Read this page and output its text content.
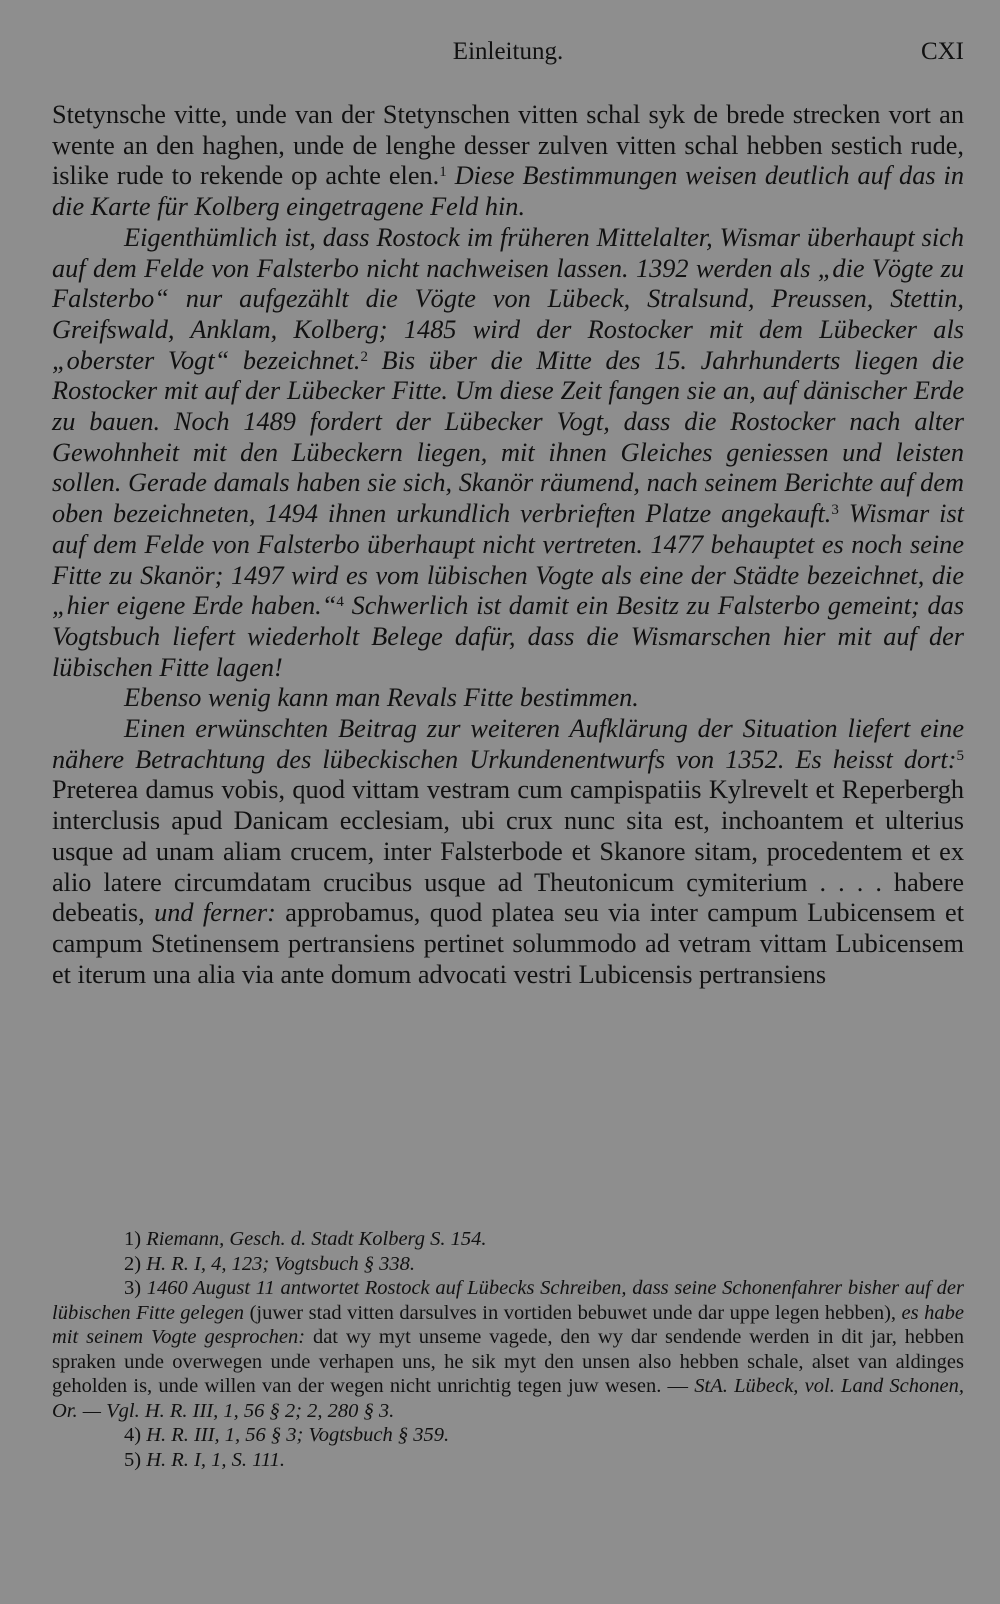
Einleitung.	CXI

Stetynsche vitte, unde van der Stetynschen vitten schal syk de brede strecken vort an wente an den haghen, unde de lenghe desser zulven vitten schal hebben sestich rude, islike rude to rekende op achte elen.$^1$ Diese Bestimmungen weisen deutlich auf das in die Karte für Kolberg eingetragene Feld hin.

Eigenthümlich ist, dass Rostock im früheren Mittelalter, Wismar überhaupt sich auf dem Felde von Falsterbo nicht nachweisen lassen. 1392 werden als „die Vögte zu Falsterbo“ nur aufgezählt die Vögte von Lübeck, Stralsund, Preussen, Stettin, Greifswald, Anklam, Kolberg; 1485 wird der Rostocker mit dem Lübecker als „oberster Vogt“ bezeichnet.$^2$ Bis über die Mitte des 15. Jahrhunderts liegen die Rostocker mit auf der Lübecker Fitte. Um diese Zeit fangen sie an, auf dänischer Erde zu bauen. Noch 1489 fordert der Lübecker Vogt, dass die Rostocker nach alter Gewohnheit mit den Lübeckern liegen, mit ihnen Gleiches geniessen und leisten sollen. Gerade damals haben sie sich, Skanör räumend, nach seinem Berichte auf dem oben bezeichneten, 1494 ihnen urkundlich verbrieften Platze angekauft.$^3$ Wismar ist auf dem Felde von Falsterbo überhaupt nicht vertreten. 1477 behauptet es noch seine Fitte zu Skanör; 1497 wird es vom lübischen Vogte als eine der Städte bezeichnet, die „hier eigene Erde haben.“$^4$ Schwerlich ist damit ein Besitz zu Falsterbo gemeint; das Vogtsbuch liefert wiederholt Belege dafür, dass die Wismarschen hier mit auf der lübischen Fitte lagen!

Ebenso wenig kann man Revals Fitte bestimmen.

Einen erwünschten Beitrag zur weiteren Aufklärung der Situation liefert eine nähere Betrachtung des lübeckischen Urkundenentwurfs von 1352. Es heisst dort:$^5$ Preterea damus vobis, quod vittam vestram cum campispatiis Kylrevelt et Reperbergh interclusis apud Danicam ecclesiam, ubi crux nunc sita est, inchoantem et ulterius usque ad unam aliam crucem, inter Falsterbode et Skanore sitam, procedentem et ex alio latere circumdatam crucibus usque ad Theutonicum cymiterium . . . . habere debeatis, und ferner: approbamus, quod platea seu via inter campum Lubicensem et campum Stetinensem pertransiens pertinet solummodo ad vetram vittam Lubicensem et iterum una alia via ante domum advocati vestri Lubicensis pertransiens

1) Riemann, Gesch. d. Stadt Kolberg S. 154.

2) H. R. I, 4, 123; Vogtsbuch § 338.

3) 1460 August 11 antwortet Rostock auf Lübecks Schreiben, dass seine Schonenfahrer bisher auf der lübischen Fitte gelegen (juwer stad vitten darsulves in vortiden bebuwet unde dar uppe legen hebben), es habe mit seinem Vogte gesprochen: dat wy myt unseme vagede, den wy dar sendende werden in dit jar, hebben spraken unde overwegen unde verhapen uns, he sik myt den unsen also hebben schale, alset van aldinges geholden is, unde willen van der wegen nicht unrichtig tegen juw wesen. — StA. Lübeck, vol. Land Schonen, Or. — Vgl. H. R. III, 1, 56 § 2; 2, 280 § 3.

4) H. R. III, 1, 56 § 3; Vogtsbuch § 359.

5) H. R. I, 1, S. 111.
